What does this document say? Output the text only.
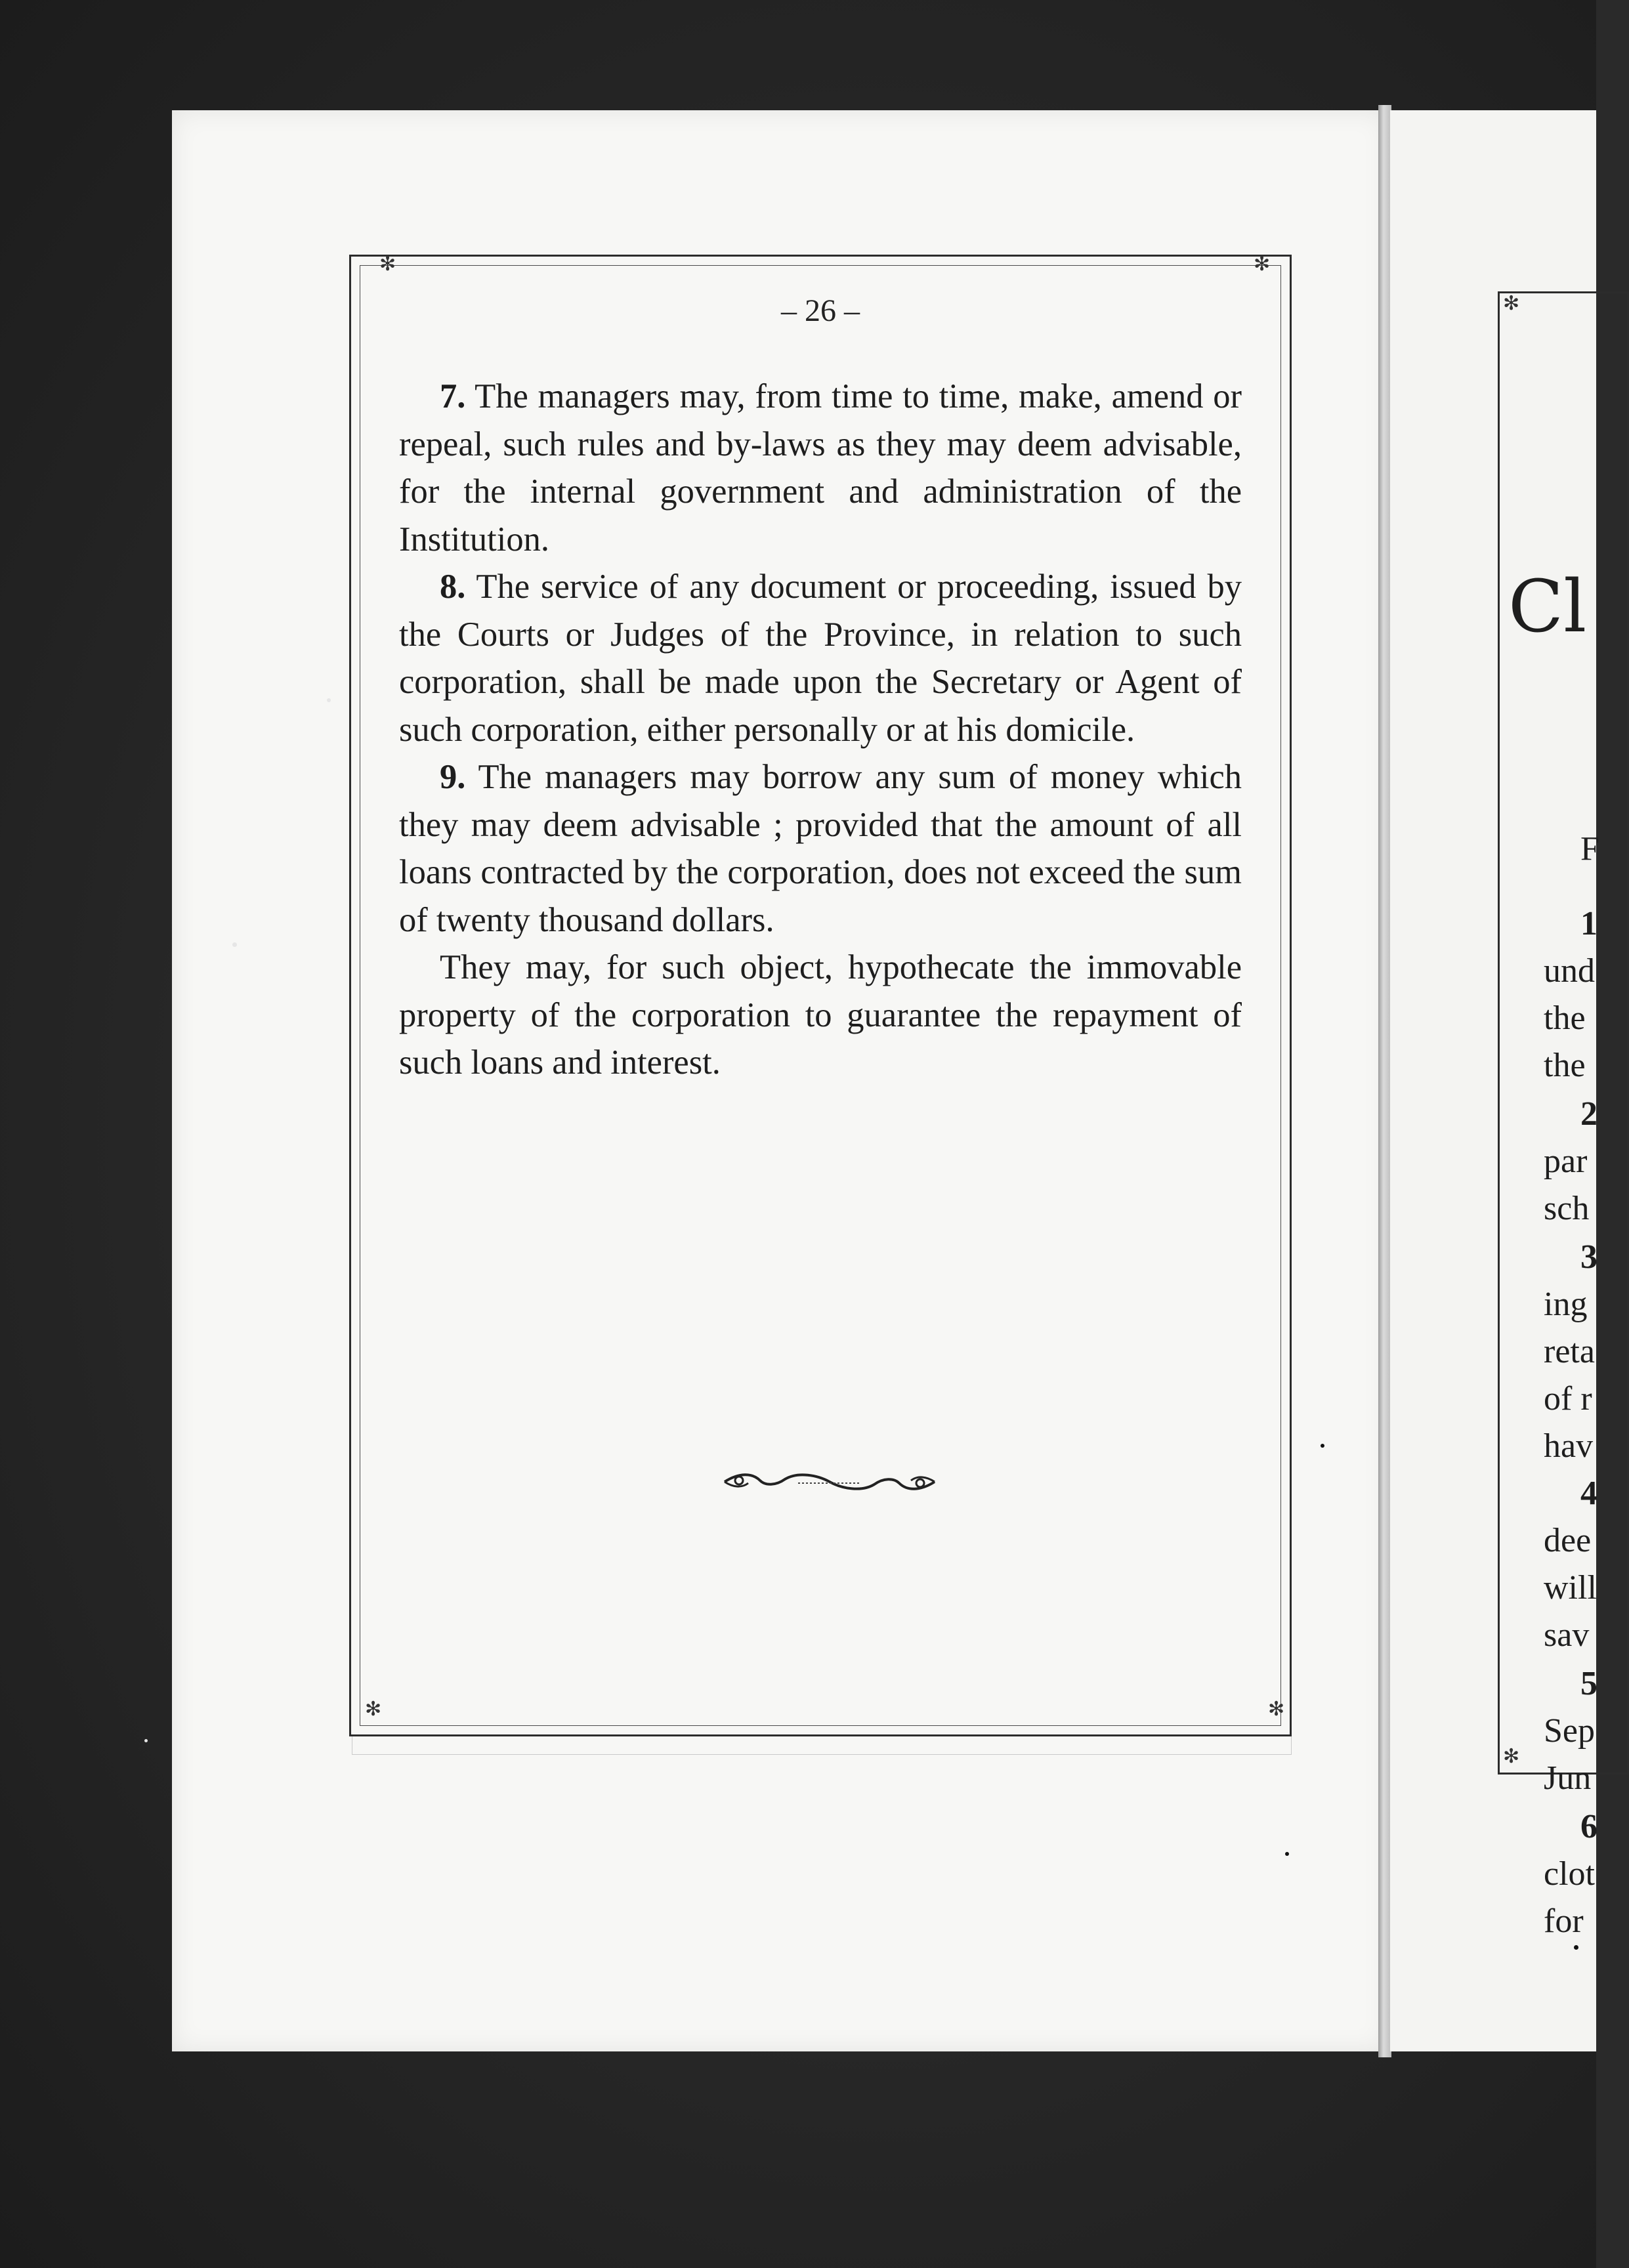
✻	✻
✻	✻
– 26 –

7. The managers may, from time to time, make, amend or repeal, such rules and by-laws as they may deem advisable, for the internal government and administration of the Institution.

8. The service of any document or proceeding, issued by the Courts or Judges of the Province, in relation to such corporation, shall be made upon the Secretary or Agent of such corporation, either personally or at his domicile.

9. The managers may borrow any sum of money which they may deem advisable ; provided that the amount of all loans contracted by the corporation, does not exceed the sum of twenty thousand dollars.

They may, for such object, hypothecate the immovable property of the corporation to guarantee the repayment of such loans and interest.

✻
✻
Cl
F
1
und
the
the
2
par
sch
3
ing
reta
of r
hav
4
dee
will
sav
5
Sep
Jun
6
clot
for
